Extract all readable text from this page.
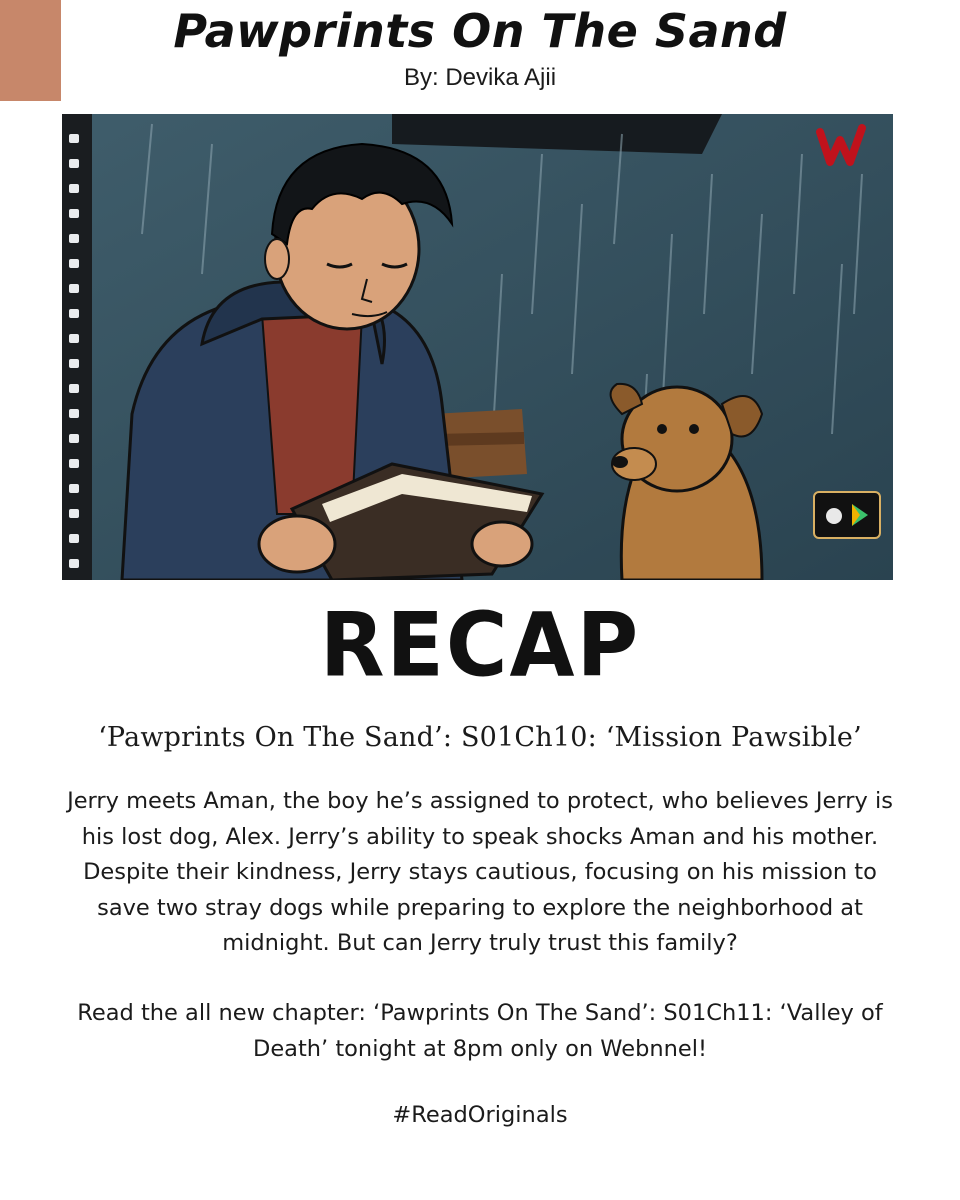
Pawprints On The Sand
By: Devika Ajii
RECAP
‘Pawprints On The Sand’: S01Ch10: ‘Mission Pawsible’
Jerry meets Aman, the boy he’s assigned to protect, who believes Jerry is his lost dog, Alex. Jerry’s ability to speak shocks Aman and his mother. Despite their kindness, Jerry stays cautious, focusing on his mission to save two stray dogs while preparing to explore the neighborhood at midnight. But can Jerry truly trust this family?
Read the all new chapter: ‘Pawprints On The Sand’: S01Ch11: ‘Valley of Death’ tonight at 8pm only on Webnnel!
#ReadOriginals
